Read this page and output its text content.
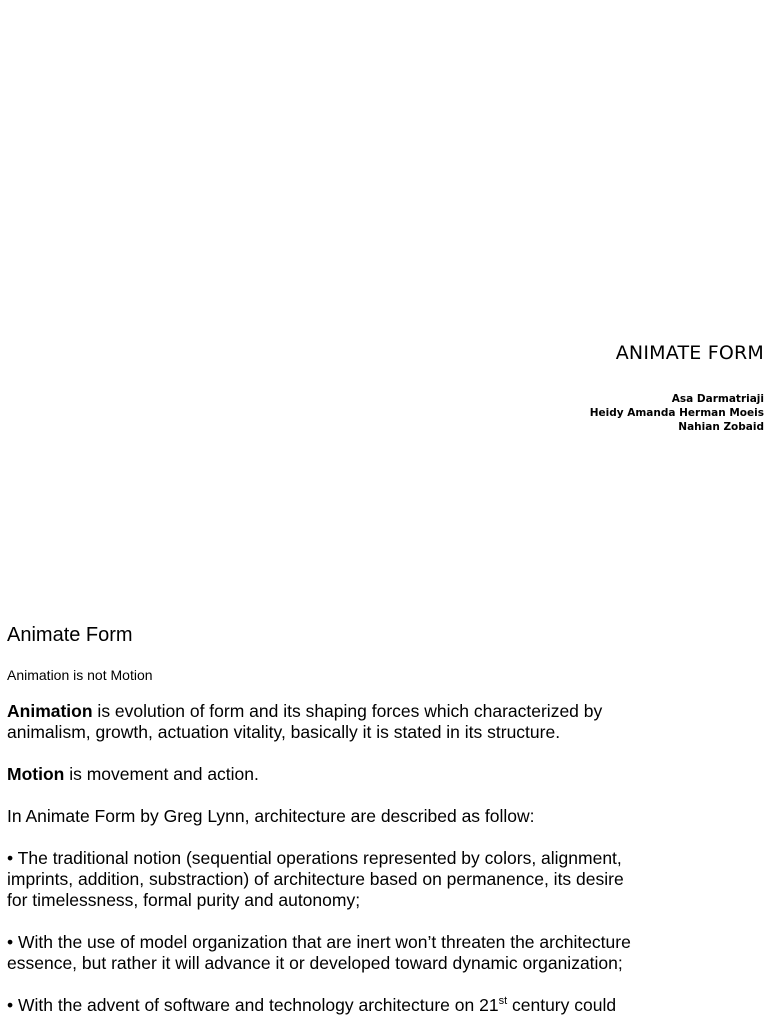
ANIMATE FORM
Asa Darmatriaji
Heidy Amanda Herman Moeis
Nahian Zobaid
Animate Form

Animation is not Motion

Animation is evolution of form and its shaping forces which characterized by animalism, growth, actuation vitality, basically it is stated in its structure.

Motion is movement and action.

In Animate Form by Greg Lynn, architecture are described as follow:

• The traditional notion (sequential operations represented by colors, alignment, imprints, addition, substraction) of architecture based on permanence, its desire for timelessness, formal purity and autonomy;

• With the use of model organization that are inert won’t threaten the architecture essence, but rather it will advance it or developed toward dynamic organization;

• With the advent of software and technology architecture on 21st century could
